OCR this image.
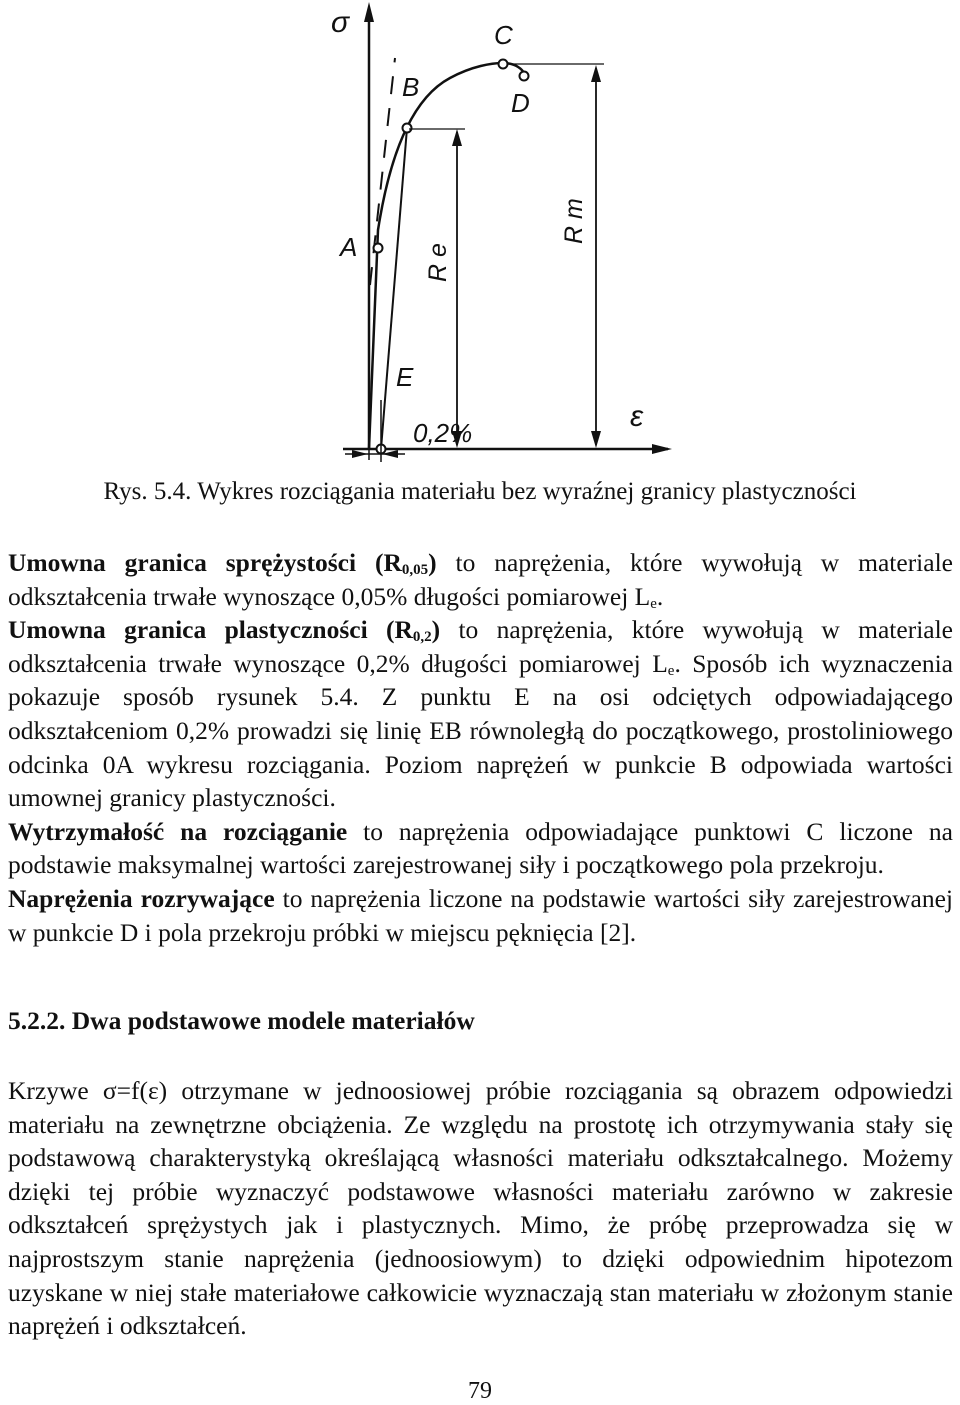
σ
ε
A
B
C
D
E
R e
R m
0,2%
Rys. 5.4. Wykres rozciągania materiału bez wyraźnej granicy plastyczności

Umowna granica sprężystości $(R_{0,05})$ to naprężenia, które wywołują w materiale odkształcenia trwałe wynoszące 0,05% długości pomiarowej $L_e$.

Umowna granica plastyczności $(R_{0,2})$ to naprężenia, które wywołują w materiale odkształcenia trwałe wynoszące 0,2% długości pomiarowej $L_e$. Sposób ich wyznaczenia pokazuje sposób rysunek 5.4. Z punktu E na osi odciętych odpowiadającego odkształceniom 0,2% prowadzi się linię EB równoległą do początkowego, prostoliniowego odcinka 0A wykresu rozciągania. Poziom naprężeń w punkcie B odpowiada wartości umownej granicy plastyczności.

Wytrzymałość na rozciąganie to naprężenia odpowiadające punktowi C liczone na podstawie maksymalnej wartości zarejestrowanej siły i początkowego pola przekroju.

Naprężenia rozrywające to naprężenia liczone na podstawie wartości siły zarejestrowanej w punkcie D i pola przekroju próbki w miejscu pęknięcia [2].

5.2.2. Dwa podstawowe modele materiałów

Krzywe σ=f(ε) otrzymane w jednoosiowej próbie rozciągania są obrazem odpowiedzi materiału na zewnętrzne obciążenia. Ze względu na prostotę ich otrzymywania stały się podstawową charakterystyką określającą własności materiału odkształcalnego. Możemy dzięki tej próbie wyznaczyć podstawowe własności materiału zarówno w zakresie odkształceń sprężystych jak i plastycznych. Mimo, że próbę przeprowadza się w najprostszym stanie naprężenia (jednoosiowym) to dzięki odpowiednim hipotezom uzyskane w niej stałe materiałowe całkowicie wyznaczają stan materiału w złożonym stanie naprężeń i odkształceń.

79
